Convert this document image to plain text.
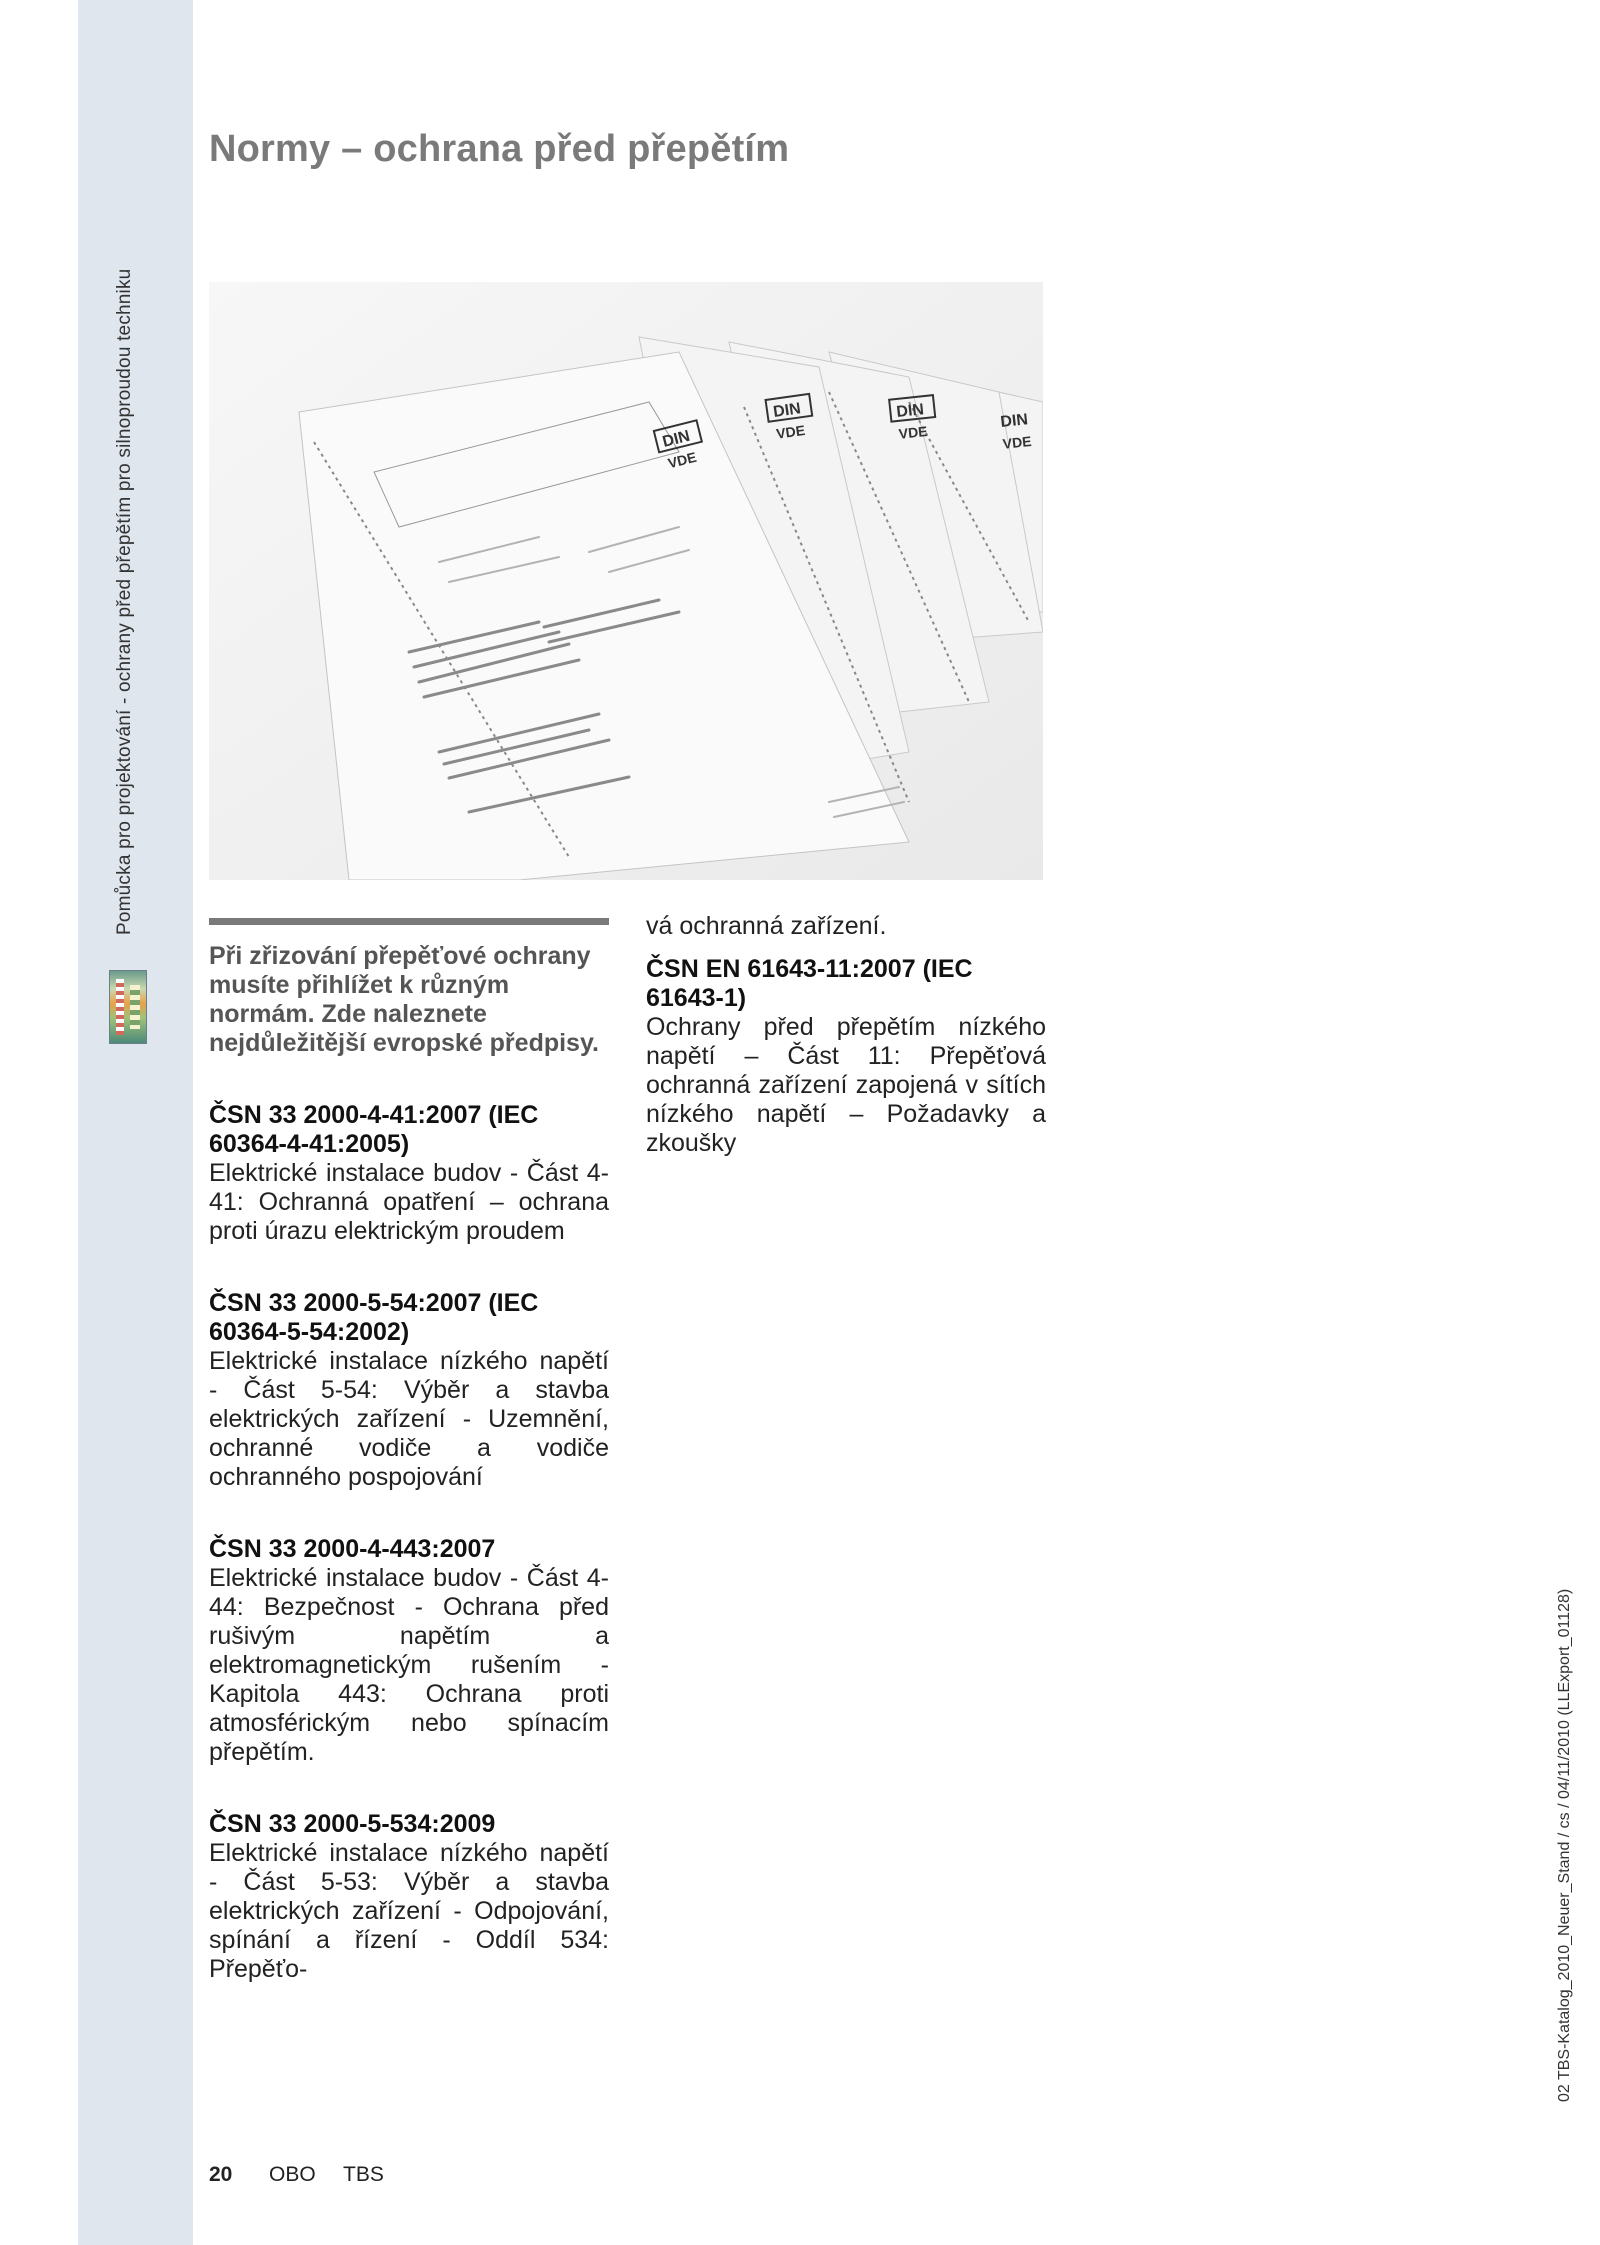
Pomůcka pro projektování - ochrany před přepětím pro silnoproudou techniku
Normy – ochrana před přepětím
DIN
VDE
DIN
VDE
DIN
VDE
DIN
VDE

Při zřizování přepěťové ochrany musíte přihlížet k různým normám. Zde naleznete nejdůležitější evropské předpisy.

ČSN 33 2000-4-41:2007 (IEC 60364-4-41:2005)
Elektrické instalace budov - Část 4-41: Ochranná opatření – ochrana proti úrazu elektrickým proudem
ČSN 33 2000-5-54:2007 (IEC 60364-5-54:2002)
Elektrické instalace nízkého napětí - Část 5-54: Výběr a stavba elektrických zařízení - Uzemnění, ochranné vodiče a vodiče ochranného pospojování
ČSN 33 2000-4-443:2007
Elektrické instalace budov - Část 4-44: Bezpečnost - Ochrana před rušivým napětím a elektromagnetickým rušením - Kapitola 443: Ochrana proti atmosférickým nebo spínacím přepětím.
ČSN 33 2000-5-534:2009
Elektrické instalace nízkého napětí - Část 5-53: Výběr a stavba elektrických zařízení - Odpojování, spínání a řízení - Oddíl 534: Přepěťo-

vá ochranná zařízení.

ČSN EN 61643-11:2007 (IEC 61643-1)
Ochrany před přepětím nízkého napětí – Část 11: Přepěťová ochranná zařízení zapojená v sítích nízkého napětí – Požadavky a zkoušky
20	OBO	TBS
02 TBS-Katalog_2010_Neuer_Stand / cs / 04/11/2010 (LLExport_01128)
